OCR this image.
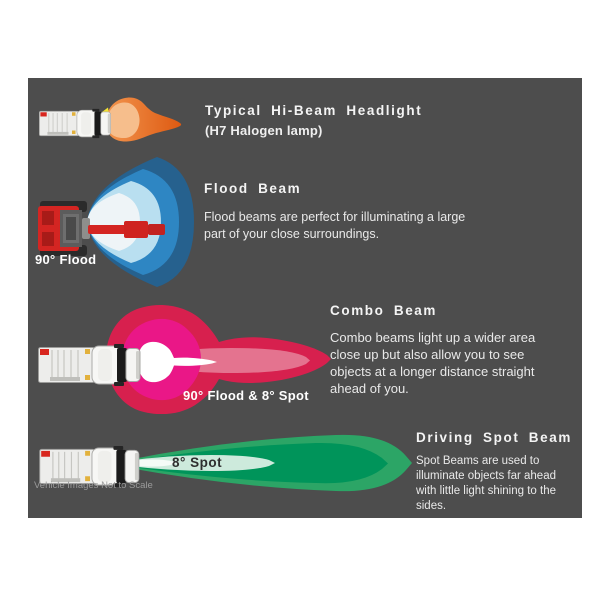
Typical Hi-Beam Headlight
(H7 Halogen lamp)
90° Flood
Flood Beam
Flood beams are perfect for illuminating a large
part of your close surroundings.
90° Flood & 8° Spot
Combo Beam
Combo beams light up a wider area
close up but also allow you to see
objects at a longer distance straight
ahead of you.
8° Spot
Driving Spot Beam
Spot Beams are used to
illuminate objects far ahead
with little light shining to the
sides.
Vehicle Images Not to Scale
